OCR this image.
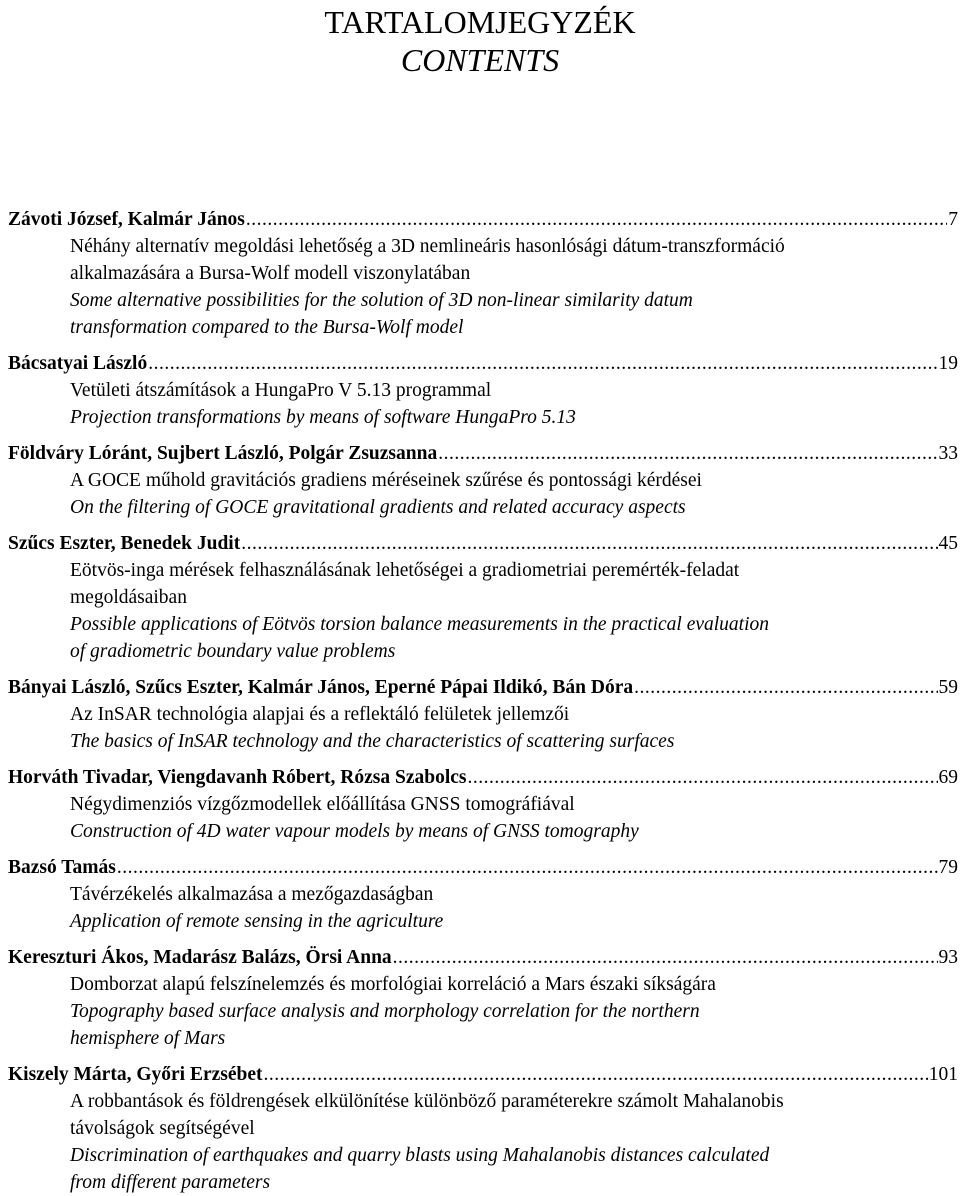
TARTALOMJEGYZÉK
CONTENTS
Závoti József, Kalmár János .....	7
Néhány alternatív megoldási lehetőség a 3D nemlineáris hasonlósági dátum-transzformáció
alkalmazására a Bursa-Wolf modell viszonylatában
Some alternative possibilities for the solution of 3D non-linear similarity datum
transformation compared to the Bursa-Wolf model
Bácsatyai László .....	19
Vetületi átszámítások a HungaPro V 5.13 programmal
Projection transformations by means of software HungaPro 5.13
Földváry Lóránt, Sujbert László, Polgár Zsuzsanna .....	33
A GOCE műhold gravitációs gradiens méréseinek szűrése és pontossági kérdései
On the filtering of GOCE gravitational gradients and related accuracy aspects
Szűcs Eszter, Benedek Judit .....	45
Eötvös-inga mérések felhasználásának lehetőségei a gradiometriai peremérték-feladat
megoldásaiban
Possible applications of Eötvös torsion balance measurements in the practical evaluation
of gradiometric boundary value problems
Bányai László, Szűcs Eszter, Kalmár János, Eperné Pápai Ildikó, Bán Dóra .....	59
Az InSAR technológia alapjai és a reflektáló felületek jellemzői
The basics of InSAR technology and the characteristics of scattering surfaces
Horváth Tivadar, Viengdavanh Róbert, Rózsa Szabolcs .....	69
Négydimenziós vízgőzmodellek előállítása GNSS tomográfiával
Construction of 4D water vapour models by means of GNSS tomography
Bazsó Tamás .....	79
Távérzékelés alkalmazása a mezőgazdaságban
Application of remote sensing in the agriculture
Kereszturi Ákos, Madarász Balázs, Örsi Anna .....	93
Domborzat alapú felszínelemzés és morfológiai korreláció a Mars északi síkságára
Topography based surface analysis and morphology correlation for the northern
hemisphere of Mars
Kiszely Márta, Győri Erzsébet .....	101
A robbantások és földrengések elkülönítése különböző paraméterekre számolt Mahalanobis
távolságok segítségével
Discrimination of earthquakes and quarry blasts using Mahalanobis distances calculated
from different parameters
